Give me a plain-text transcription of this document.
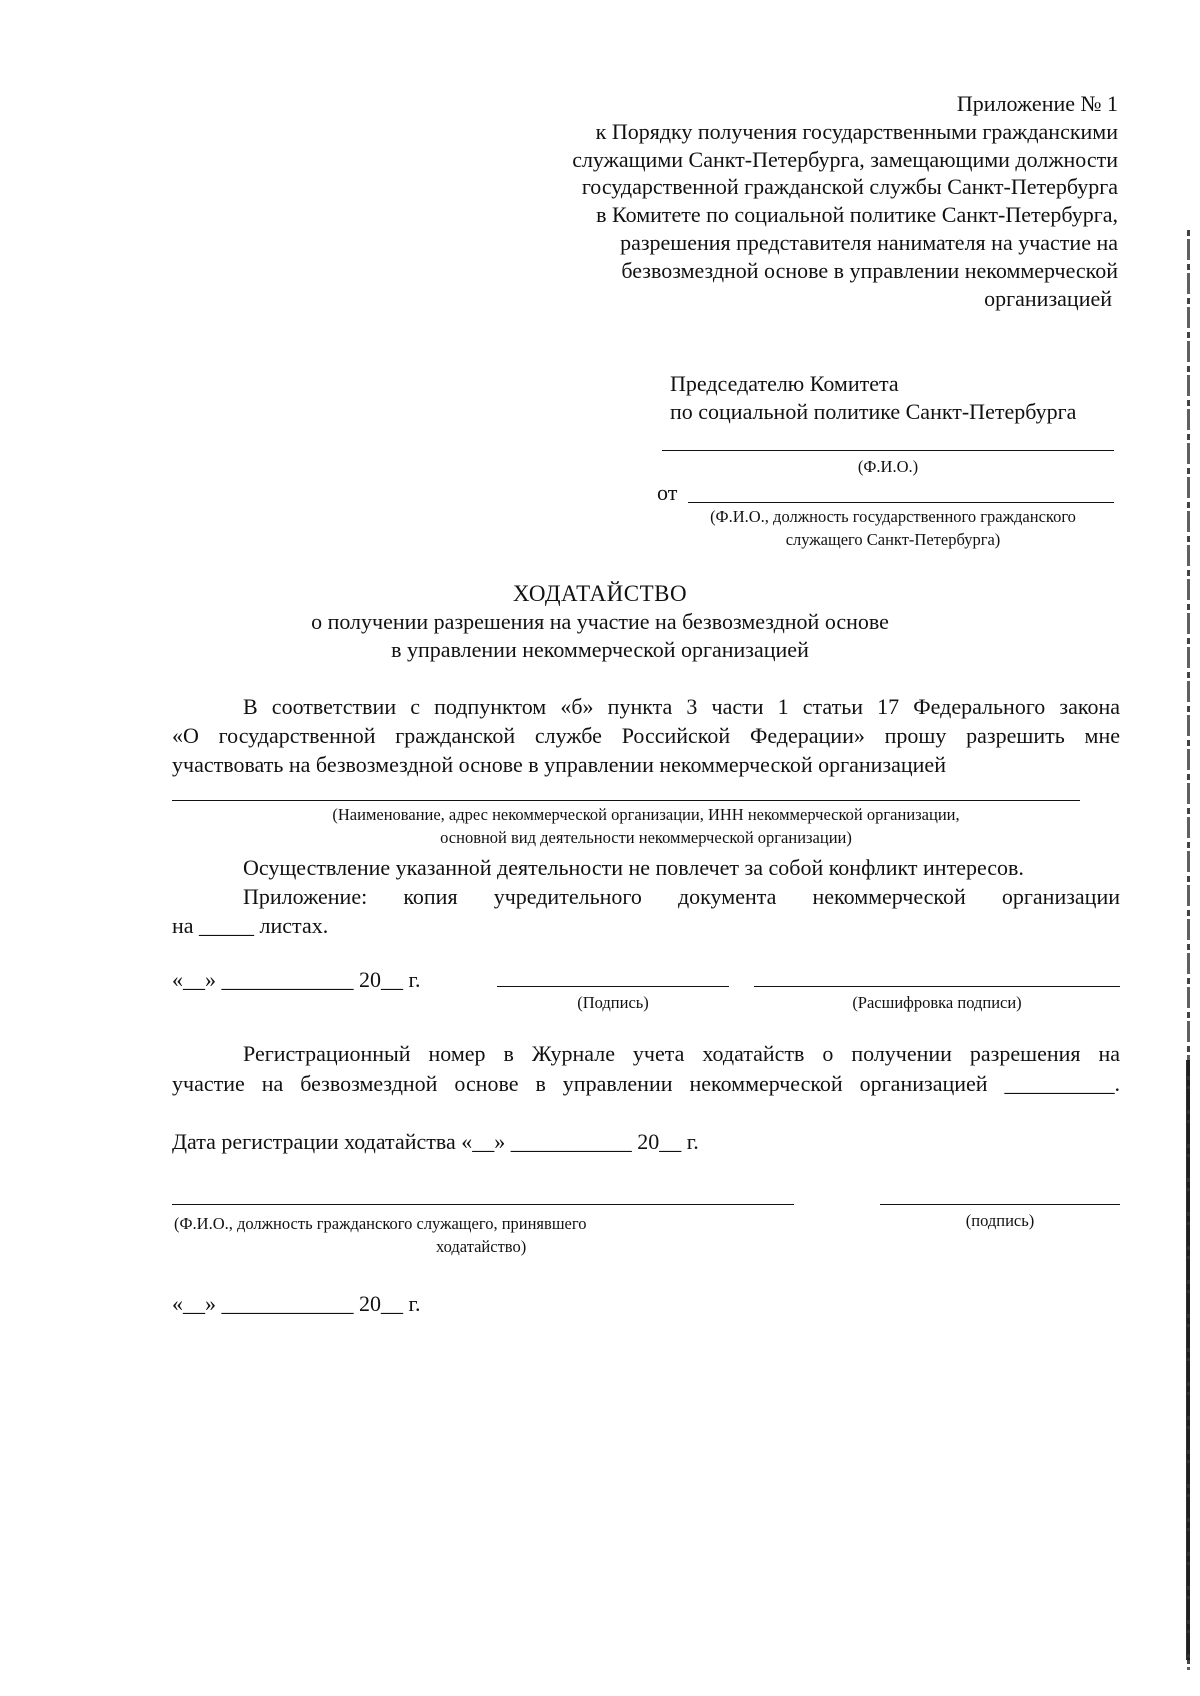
Приложение № 1
к Порядку получения государственными гражданскими
служащими Санкт-Петербурга, замещающими должности
государственной гражданской службы Санкт-Петербурга
в Комитете по социальной политике Санкт-Петербурга,
разрешения представителя нанимателя на участие на
безвозмездной основе в управлении некоммерческой
организацией
Председателю Комитета
по социальной политике Санкт-Петербурга
(Ф.И.О.)
от
(Ф.И.О., должность государственного гражданского
служащего Санкт-Петербурга)
ХОДАТАЙСТВО
о получении разрешения на участие на безвозмездной основе
в управлении некоммерческой организацией
В соответствии с подпунктом «б» пункта 3 части 1 статьи 17 Федерального закона
«О государственной гражданской службе Российской Федерации» прошу разрешить мне
участвовать на безвозмездной основе в управлении некоммерческой организацией
(Наименование, адрес некоммерческой организации, ИНН некоммерческой организации,
основной вид деятельности некоммерческой организации)
Осуществление указанной деятельности не повлечет за собой конфликт интересов.
Приложение: копия учредительного документа некоммерческой организации
на _____ листах.
«__» ____________ 20__ г.
(Подпись)	(Расшифровка подписи)
Регистрационный номер в Журнале учета ходатайств о получении разрешения на
участие на безвозмездной основе в управлении некоммерческой организацией __________.
Дата регистрации ходатайства «__» ___________ 20__ г.
(Ф.И.О., должность гражданского служащего, принявшего
ходатайство)
(подпись)
«__» ____________ 20__ г.
